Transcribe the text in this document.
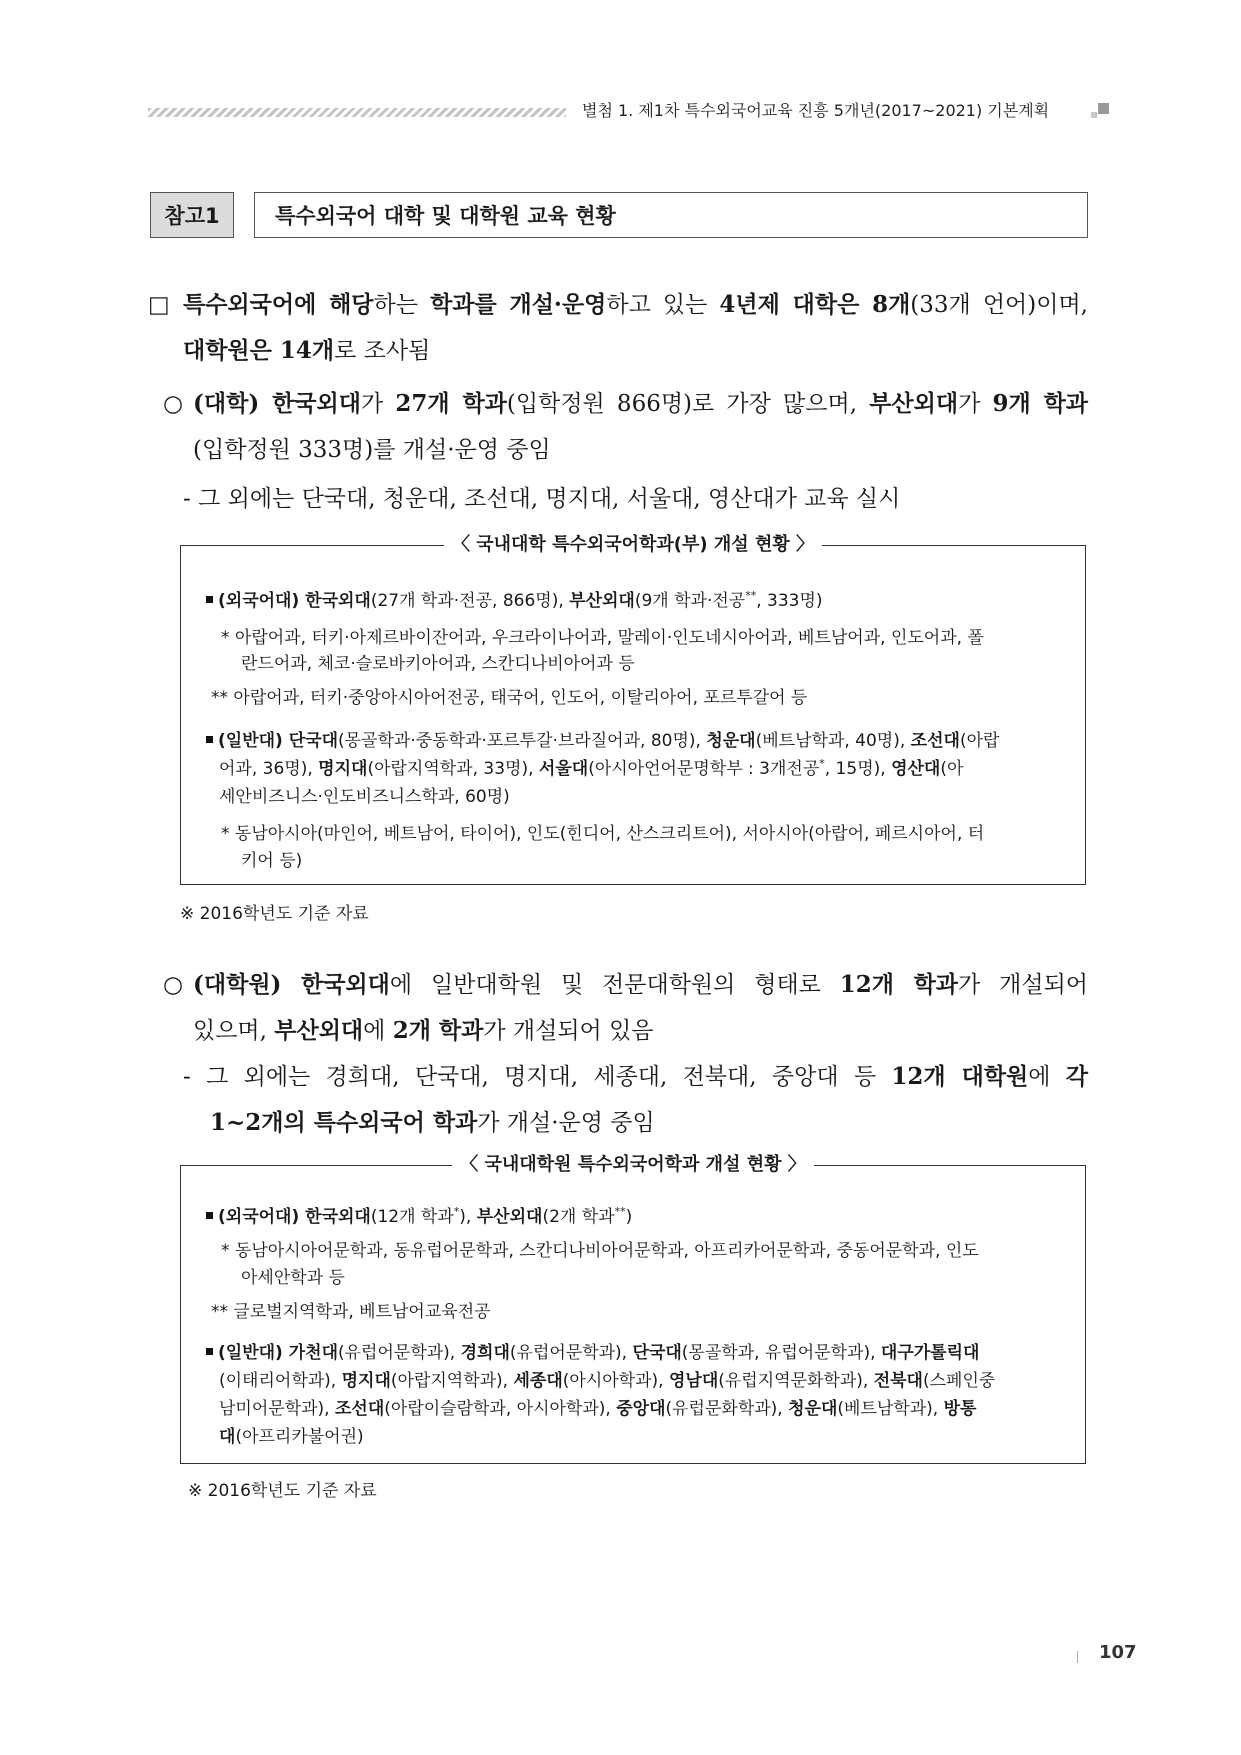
별첨 1. 제1차 특수외국어교육 진흥 5개년(2017~2021) 기본계획
참고1	특수외국어 대학 및 대학원 교육 현황
□ 특수외국어에 해당하는 학과를 개설·운영하고 있는 4년제 대학은 8개(33개 언어)이며,
대학원은 14개로 조사됨
○ (대학) 한국외대가 27개 학과(입학정원 866명)로 가장 많으며, 부산외대가 9개 학과
(입학정원 333명)를 개설·운영 중임
- 그 외에는 단국대, 청운대, 조선대, 명지대, 서울대, 영산대가 교육 실시
〈 국내대학 특수외국어학과(부) 개설 현황 〉
(외국어대) 한국외대(27개 학과·전공, 866명), 부산외대(9개 학과·전공**, 333명)
* 아랍어과, 터키·아제르바이잔어과, 우크라이나어과, 말레이·인도네시아어과, 베트남어과, 인도어과, 폴
란드어과, 체코·슬로바키아어과, 스칸디나비아어과 등
** 아랍어과, 터키·중앙아시아어전공, 태국어, 인도어, 이탈리아어, 포르투갈어 등
(일반대) 단국대(몽골학과·중동학과·포르투갈·브라질어과, 80명), 청운대(베트남학과, 40명), 조선대(아랍
어과, 36명), 명지대(아랍지역학과, 33명), 서울대(아시아언어문명학부 : 3개전공*, 15명), 영산대(아
세안비즈니스·인도비즈니스학과, 60명)
* 동남아시아(마인어, 베트남어, 타이어), 인도(힌디어, 산스크리트어), 서아시아(아랍어, 페르시아어, 터
키어 등)
※ 2016학년도 기준 자료
○ (대학원) 한국외대에 일반대학원 및 전문대학원의 형태로 12개 학과가 개설되어
있으며, 부산외대에 2개 학과가 개설되어 있음
- 그 외에는 경희대, 단국대, 명지대, 세종대, 전북대, 중앙대 등 12개 대학원에 각
1~2개의 특수외국어 학과가 개설·운영 중임
〈 국내대학원 특수외국어학과 개설 현황 〉
(외국어대) 한국외대(12개 학과*), 부산외대(2개 학과**)
* 동남아시아어문학과, 동유럽어문학과, 스칸디나비아어문학과, 아프리카어문학과, 중동어문학과, 인도
아세안학과 등
** 글로벌지역학과, 베트남어교육전공
(일반대) 가천대(유럽어문학과), 경희대(유럽어문학과), 단국대(몽골학과, 유럽어문학과), 대구가톨릭대
(이태리어학과), 명지대(아랍지역학과), 세종대(아시아학과), 영남대(유럽지역문화학과), 전북대(스페인중
남미어문학과), 조선대(아랍이슬람학과, 아시아학과), 중앙대(유럽문화학과), 청운대(베트남학과), 방통
대(아프리카불어권)
※ 2016학년도 기준 자료
107
